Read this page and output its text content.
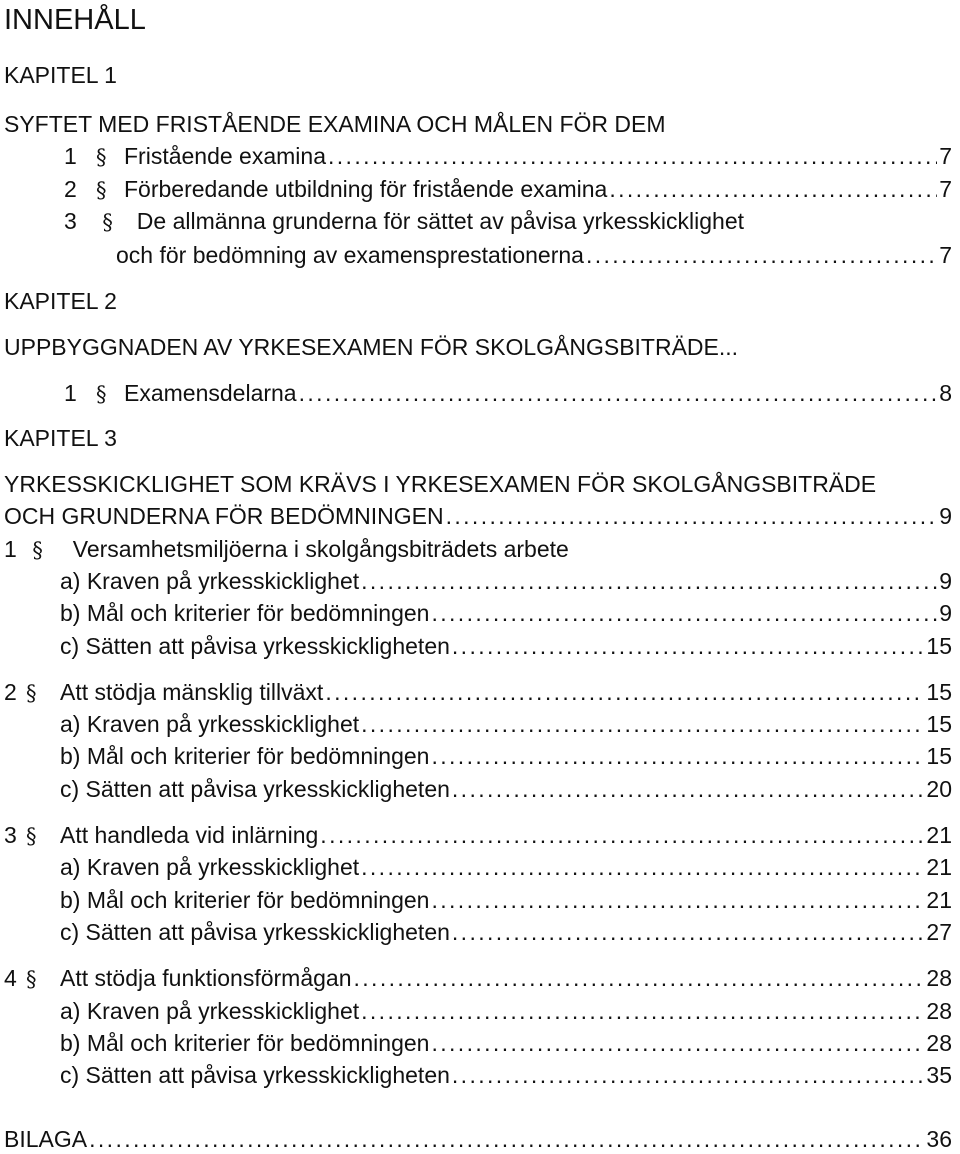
INNEHÅLL
KAPITEL 1
SYFTET MED FRISTÅENDE EXAMINA OCH MÅLEN FÖR DEM
1 § Fristående examina . . .	7
2 § Förberedande utbildning för fristående examina . . .	7
3 § De allmänna grunderna för sättet av påvisa yrkesskicklighet
och för bedömning av examensprestationerna . . .	7
KAPITEL 2
UPPBYGGNADEN AV YRKESEXAMEN FÖR SKOLGÅNGSBITRÄDE...
1 § Examensdelarna . . .	8
KAPITEL 3
YRKESSKICKLIGHET SOM KRÄVS I YRKESEXAMEN FÖR SKOLGÅNGSBITRÄDE
OCH GRUNDERNA FÖR BEDÖMNINGEN . . .	9
1 § Versamhetsmiljöerna i skolgångsbiträdets arbete
a) Kraven på yrkesskicklighet . . .	9
b) Mål och kriterier för bedömningen . . .	9
c) Sätten att påvisa yrkesskickligheten . . .	15
2 §	Att stödja mänsklig tillväxt . . .	15
a) Kraven på yrkesskicklighet . . .	15
b) Mål och kriterier för bedömningen . . .	15
c) Sätten att påvisa yrkesskickligheten . . .	20
3 §	Att handleda vid inlärning . . .	21
a) Kraven på yrkesskicklighet . . .	21
b) Mål och kriterier för bedömningen . . .	21
c) Sätten att påvisa yrkesskickligheten . . .	27
4 §	Att stödja funktionsförmågan . . .	28
a) Kraven på yrkesskicklighet . . .	28
b) Mål och kriterier för bedömningen . . .	28
c) Sätten att påvisa yrkesskickligheten . . .	35
BILAGA . . .	36
